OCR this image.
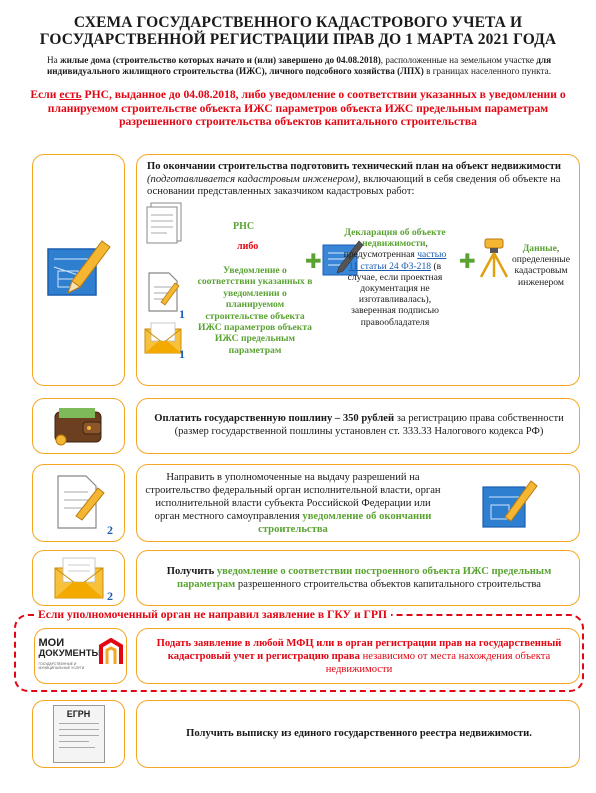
СХЕМА ГОСУДАРСТВЕННОГО КАДАСТРОВОГО УЧЕТА И
ГОСУДАРСТВЕННОЙ РЕГИСТРАЦИИ ПРАВ ДО 1 МАРТА 2021 ГОДА
На жилые дома (строительство которых начато и (или) завершено до 04.08.2018), расположенные на земельном участке для индивидуального жилищного строительства (ИЖС), личного подсобного хозяйства (ЛПХ) в границах населенного пункта.
Если есть РНС, выданное до 04.08.2018, либо уведомление о соответствии указанных в уведомлении о планируемом строительстве объекта ИЖС параметров объекта ИЖС предельным параметрам разрешенного строительства объектов капитального строительства
По окончании строительства подготовить технический план на объект недвижимости (подготавливается кадастровым инженером), включающий в себя сведения об объекте на основании представленных заказчиком кадастровых работ:
РНС
либо
1
1
Уведомление о соответствии указанных в уведомлении о планируемом строительстве объекта ИЖС параметров объекта ИЖС предельным параметрам
✚
Декларация об объекте недвижимости, предусмотренная частью 11 статьи 24 ФЗ-218 (в случае, если проектная документация не изготавливалась), заверенная подписью правообладателя
✚
Данные, определенные кадастровым инженером
Оплатить государственную пошлину – 350 рублей за регистрацию права собственности (размер государственной пошлины установлен ст. 333.33 Налогового кодекса РФ)
2
Направить в уполномоченные на выдачу разрешений на строительство федеральный орган исполнительной власти, орган исполнительной власти субъекта Российской Федерации или орган местного самоуправления уведомление об окончании строительства
2
Получить уведомление о соответствии построенного объекта ИЖС предельным параметрам разрешенного строительства объектов капитального строительства
Если уполномоченный орган не направил заявление в ГКУ и ГРП
МОИ
ДОКУМЕНТЫ
ГОСУДАРСТВЕННЫЕ И МУНИЦИПАЛЬНЫЕ УСЛУГИ
Подать заявление в любой МФЦ или в орган регистрации прав на государственный кадастровый учет и регистрацию права независимо от места нахождения объекта недвижимости
ЕГРН
Получить выписку из единого государственного реестра недвижимости.
